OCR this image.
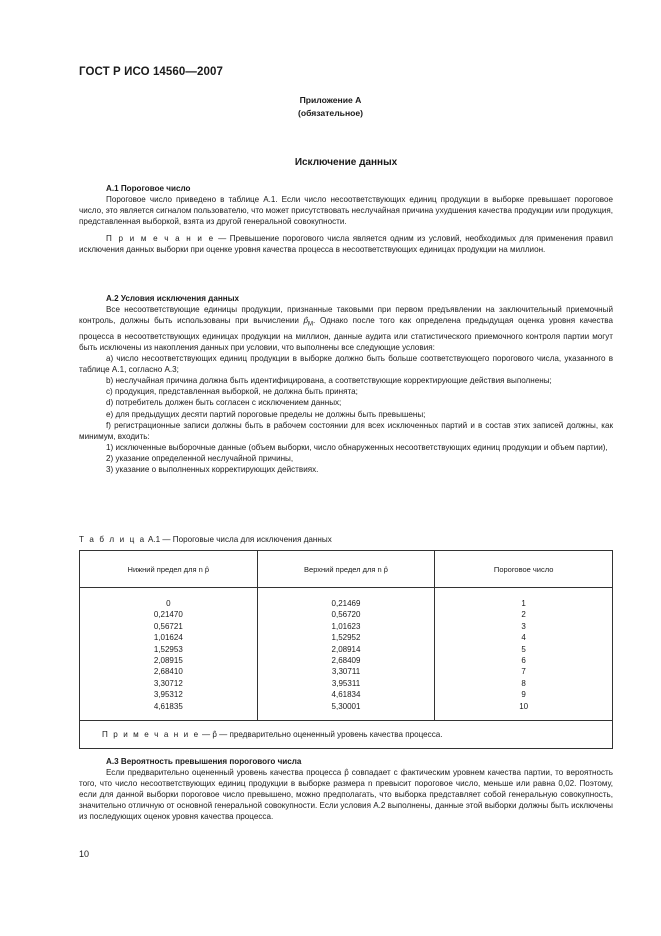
ГОСТ Р ИСО 14560—2007
Приложение А
(обязательное)
Исключение данных

А.1 Пороговое число

Пороговое число приведено в таблице А.1. Если число несоответствующих единиц продукции в выборке превышает пороговое число, это является сигналом пользователю, что может присутствовать неслучайная причина ухудшения качества продукции или продукция, представленная выборкой, взята из другой генеральной совокупности.

П р и м е ч а н и е — Превышение порогового числа является одним из условий, необходимых для применения правил исключения данных выборки при оценке уровня качества процесса в несоответствующих единицах продукции на миллион.

А.2 Условия исключения данных

Все несоответствующие единицы продукции, признанные таковыми при первом предъявлении на заключительный приемочный контроль, должны быть использованы при вычислении $p̂_M$. Однако после того как определена предыдущая оценка уровня качества процесса в несоответствующих единицах продукции на миллион, данные аудита или статистического приемочного контроля партии могут быть исключены из накопления данных при условии, что выполнены все следующие условия:

a) число несоответствующих единиц продукции в выборке должно быть больше соответствующего порогового числа, указанного в таблице А.1, согласно А.3;

b) неслучайная причина должна быть идентифицирована, а соответствующие корректирующие действия выполнены;

c) продукция, представленная выборкой, не должна быть принята;

d) потребитель должен быть согласен с исключением данных;

e) для предыдущих десяти партий пороговые пределы не должны быть превышены;

f) регистрационные записи должны быть в рабочем состоянии для всех исключенных партий и в состав этих записей должны, как минимум, входить:

1) исключенные выборочные данные (объем выборки, число обнаруженных несоответствующих единиц продукции и объем партии),

2) указание определенной неслучайной причины,

3) указание о выполненных корректирующих действиях.

Т а б л и ц а А.1 — Пороговые числа для исключения данных
Нижний предел для n p̂	Верхний предел для n p̂	Пороговое число
0	0,21469	1
0,21470	0,56720	2
0,56721	1,01623	3
1,01624	1,52952	4
1,52953	2,08914	5
2,08915	2,68409	6
2,68410	3,30711	7
3,30712	3,95311	8
3,95312	4,61834	9
4,61835	5,30001	10
П р и м е ч а н и е — p̂ — предварительно оцененный уровень качества процесса.		

А.3 Вероятность превышения порогового числа

Если предварительно оцененный уровень качества процесса p̂ совпадает с фактическим уровнем качества партии, то вероятность того, что число несоответствующих единиц продукции в выборке размера n превысит пороговое число, меньше или равна 0,02. Поэтому, если для данной выборки пороговое число превышено, можно предполагать, что выборка представляет собой генеральную совокупность, значительно отличную от основной генеральной совокупности. Если условия А.2 выполнены, данные этой выборки должны быть исключены из последующих оценок уровня качества процесса.

10
